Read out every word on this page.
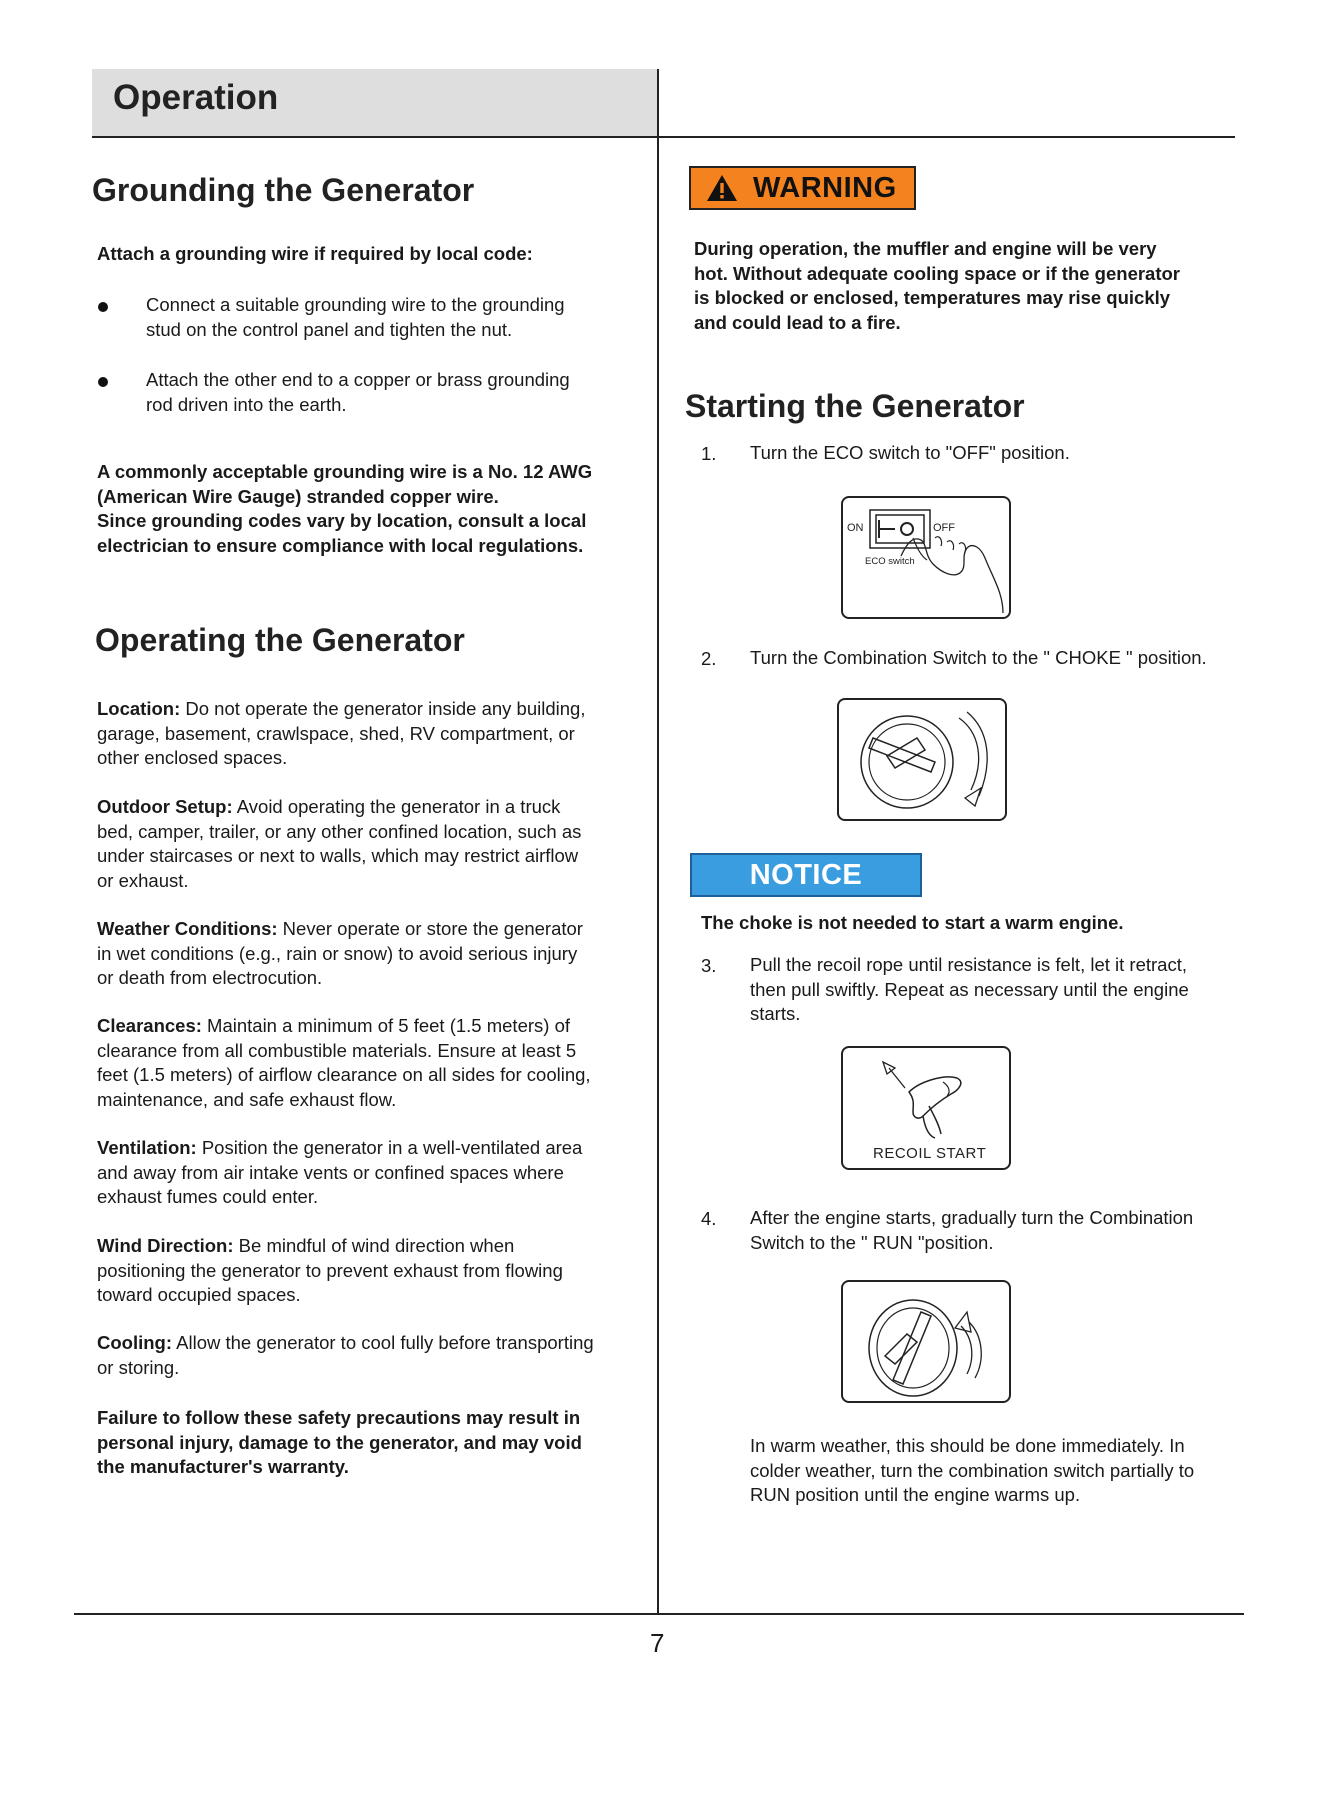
Operation
Grounding the Generator
Attach a grounding wire if required by local code:
Connect a suitable grounding wire to the grounding
stud on the control panel and tighten the nut.
Attach the other end to a copper or brass grounding
rod driven into the earth.
A commonly acceptable grounding wire is a No. 12 AWG
(American Wire Gauge) stranded copper wire.
Since grounding codes vary by location, consult a local
electrician to ensure compliance with local regulations.
Operating the Generator
Location: Do not operate the generator inside any building,
garage, basement, crawlspace, shed, RV compartment, or
other enclosed spaces.
Outdoor Setup: Avoid operating the generator in a truck
bed, camper, trailer, or any other confined location, such as
under staircases or next to walls, which may restrict airflow
or exhaust.
Weather Conditions: Never operate or store the generator
in wet conditions (e.g., rain or snow) to avoid serious injury
or death from electrocution.
Clearances: Maintain a minimum of 5 feet (1.5 meters) of
clearance from all combustible materials. Ensure at least 5
feet (1.5 meters) of airflow clearance on all sides for cooling,
maintenance, and safe exhaust flow.
Ventilation: Position the generator in a well-ventilated area
and away from air intake vents or confined spaces where
exhaust fumes could enter.
Wind Direction: Be mindful of wind direction when
positioning the generator to prevent exhaust from flowing
toward occupied spaces.
Cooling: Allow the generator to cool fully before transporting
or storing.
Failure to follow these safety precautions may result in
personal injury, damage to the generator, and may void
the manufacturer's warranty.
WARNING
During operation, the muffler and engine will be very
hot. Without adequate cooling space or if the generator
is blocked or enclosed, temperatures may rise quickly
and could lead to a fire.
Starting the Generator
1. Turn the ECO switch to "OFF" position.
ON	OFF
ECO switch
2. Turn the Combination Switch to the " CHOKE " position.
NOTICE
The choke is not needed to start a warm engine.
3. Pull the recoil rope until resistance is felt, let it retract,
then pull swiftly. Repeat as necessary until the engine
starts.
RECOIL START
4. After the engine starts, gradually turn the Combination
Switch to the " RUN "position.
In warm weather, this should be done immediately. In
colder weather, turn the combination switch partially to
RUN position until the engine warms up.
7
